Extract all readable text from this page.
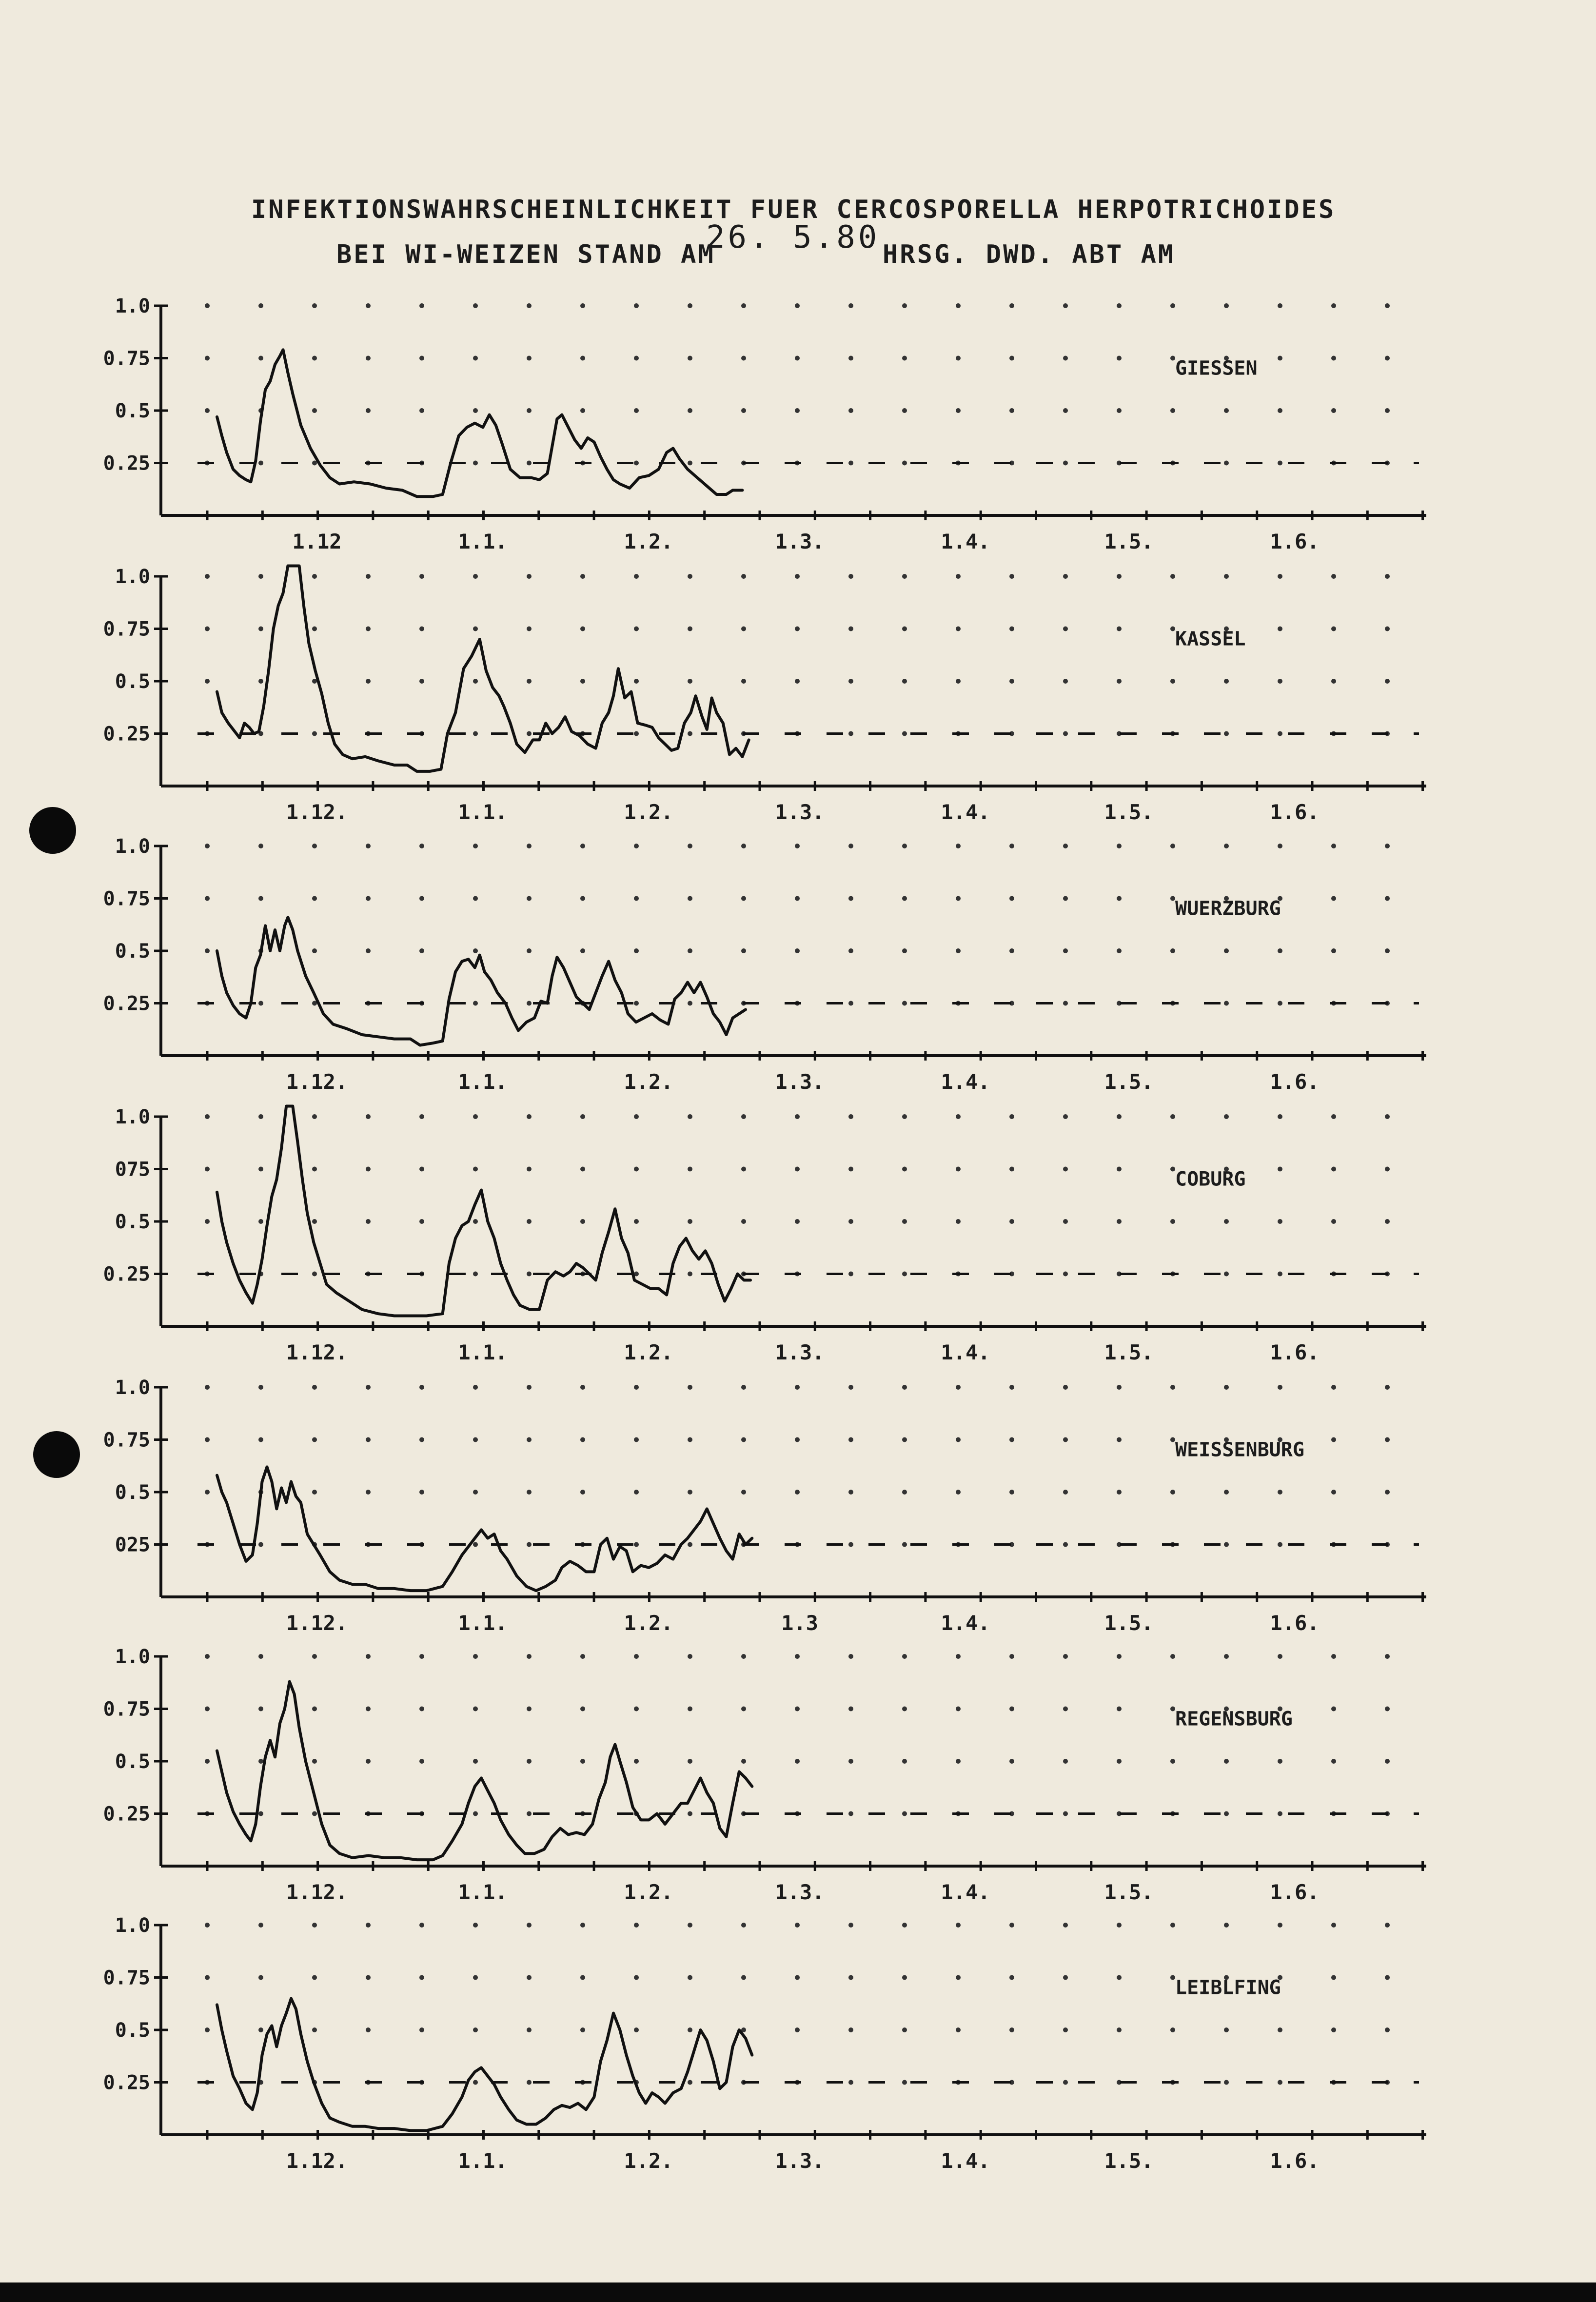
INFEKTIONSWAHRSCHEINLICHKEIT FUER CERCOSPORELLA HERPOTRICHOIDES
BEI WI-WEIZEN STAND AM
26. 5.80 HRSG. DWD. ABT AM
1.0
0.75
0.5
0.25
1.12	1.1.	1.2.	1.3.	1.4.	1.5.	1.6.
GIESSEN
1.0
0.75
0.5
0.25
1.12.	1.1.	1.2.	1.3.	1.4.	1.5.	1.6.
KASSEL
1.0
0.75
0.5
0.25
1.12.	1.1.	1.2.	1.3.	1.4.	1.5.	1.6.
WUERZBURG
1.0
075
0.5
0.25
1.12.	1.1.	1.2.	1.3.	1.4.	1.5.	1.6.
COBURG
1.0
0.75
0.5
025
1.12.	1.1.	1.2.	1.3	1.4.	1.5.	1.6.
WEISSENBURG
1.0
0.75
0.5
0.25
1.12.	1.1.	1.2.	1.3.	1.4.	1.5.	1.6.
REGENSBURG
1.0
0.75
0.5
0.25
1.12.	1.1.	1.2.	1.3.	1.4.	1.5.	1.6.
LEIBLFING
